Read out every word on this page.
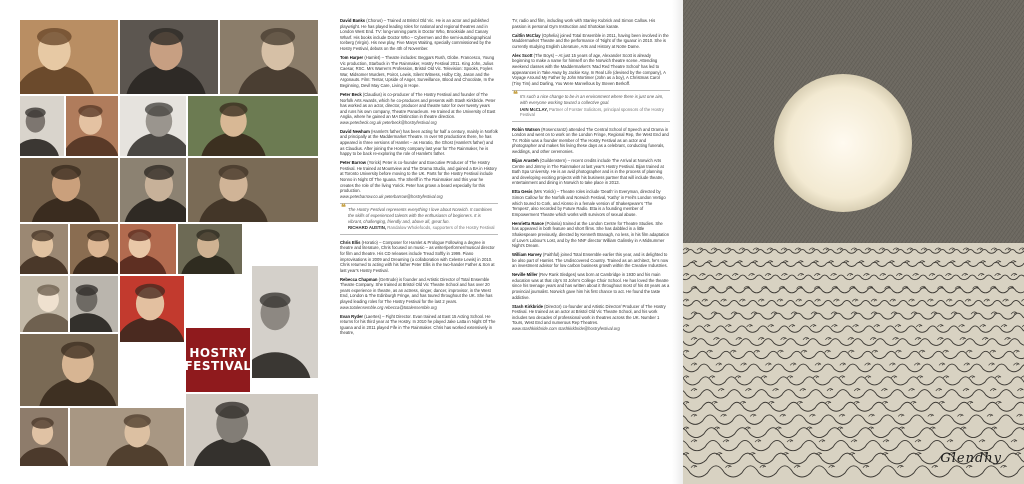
HOSTRY
FESTIVAL

David Banks (Chorus) – Trained at Bristol Old Vic. He is an actor and published playwright. He has played leading roles for national and regional theatres and in London West End. TV: long-running parts in Doctor Who, Brookside and Canary Wharf. His books include Doctor Who – Cybermen and the semi-autobiographical Iceberg (Virgin). His new play, Five Marys Waiting, specially commissioned by the Hostry Festival, debuts on the 4th of November.

Tom Harper (Hamlet) – Theatre includes: Beggars Rush, Globe. Francesco, Young Vic production, Starbuck in The Rainmaker, Hostry Festival 2011. King John, Julius Caesar, RSC. Mrs Warren's Profession, Bristol Old Vic. Television: Spooks, Foyles War, Midsomer Murders, Poirot, Lewis, Silent Witness, Holby City, Jason and the Argonauts. Film: Tentar, Upside of Anger, Surveillance, Blood and Chocolate, In the Beginning, Devil May Care, Living in Hope.

Peter Beck (Claudius) is co-producer of The Hostry Festival and founder of The Norfolk Arts Awards, which he co-produces and presents with Stash Kirkbride. Peter has worked as an actor, director, producer and theatre tutor for over twenty years and runs his own company, Theatre Panacleum. He trained at the University of East Anglia, where he gained an MA Distinction in theatre direction.
www.peterbeck.org.uk peterbeck@hostryfestival.org

David Newham (Hamlet's father) has been acting for half a century, mainly in Norfolk and principally at the Maddermarket Theatre. In over 90 productions there, he has appeared in three versions of Hamlet – as Horatio, the Ghost (Hamlet's father) and as Claudius. After joining the Hostry company last year for The Rainmaker, he is happy to be back re-exploring the role of Hamlet's father.

Peter Barrow (Yorick) Peter is co-founder and Executive Producer of The Hostry Festival. He trained at Mountview and The Drama Studio, and gained a BA in History at Toronto University before moving to the UK. Parts for the Hostry Festival include Nonno in Night Of The Iguana. The Sheriff in The Rainmaker and this year he creates the role of the living Yorick. Peter has grown a beard especially for this production.
www.peterbarrow.co.uk peterbarrow@hostryfestival.org

❝ The Hostry Festival represents everything I love about Norwich. It combines the skills of experienced talents with the enthusiasm of beginners. It is vibrant, challenging, friendly and, above all, great fun.
RICHARD AUSTIN, Randalow Wholefoods, supporters of the Hostry Festival

Chris Ellis (Horatio) – Composer for Hamlet & Prologue Following a degree in theatre and literature, Chris focused on music – as writer/performer/musical director for film and theatre. His CD releases include Tread Softly in 1999. Piano improvisations in 2009 and Dreaming (a collaboration with Celeste Lewis) in 2010. Chris returned to acting with his father Peter Ellis in the two-hander Father & Son at last year's Hostry Festival.

Rebecca Chapman (Gertrude) is founder and Artistic Director of Total Ensemble Theatre Company. She trained at Bristol Old Vic Theatre School and has over 20 years experience in theatre, as an actress, singer, dancer, improvisor, in the West End, London & The Edinburgh Fringe, and has toured throughout the UK. She has played leading roles for The Hostry Festival for the last 2 years.
www.totalensemble.org rebecca@totalensemble.org

Evan Ryder (Laertes) – Fight Director. Evan trained at East 15 Acting School. He returns for his third year at The Hostry. In 2010 he played Jake Latta in Night Of The Iguana and in 2011 played Fife in The Rainmaker. Chris has worked extensively in theatre,

TV, radio and film, including work with Stanley Kubrick and Simon Callow. His passion is personal Gym Instruction and Shotokan karate.

Caitlin McClay (Ophelia) joined Total Ensemble in 2011, having been involved in the Maddermarket Theatre and the performance of 'Night of the Iguana' in 2010. She is currently studying English Literature, Arts and History at Notre Dame.

Alex Scott (The Boys) – At just 15 years of age, Alexander Scott is already beginning to make a name for himself on the Norwich theatre scene. Attending weekend classes with the Maddermarket's 'Mad Red Theatre School' has led to appearances in Take Away by Jackie Kay, In Real Life (devised by the company), A Voyage Around My Father by John Mortimer (John as a boy), A Christmas Carol (Tiny Tim) and Darling, You Were Marvellous by Steven Berkoff.

❝ It's such a nice change to be in an environment where there is just one aim, with everyone working toward a collective goal.
IAIN McCLAY, Partner of Forster Solicitors, principal sponsors of the Hostry Festival

Robin Watson (Rosencrantz) attended The Central School of Speech and Drama in London and went on to work on the London Fringe, Regional Rep, the West End and TV. Robin was a founder member of The Hostry Festival as an actor and photographer and makes his living these days as a celebrant, conducting funerals, weddings, and other ceremonies.

Bijan Arasteh (Guildenstern) – recent credits include The Arrival at Norwich Arts Centre and Jimmy in The Rainmaker at last year's Hostry Festival. Bijan trained at Bath Spa University. He is an avid photographer and is in the process of planning and developing exciting projects with his business partner that will include theatre, entertainment and dining in Norwich to take place in 2013.

Etta Gesis (Mrs Yorick) – Theatre roles include 'Death' in Everyman, directed by Simon Callow for the Norfolk and Norwich Festival, 'Kathy' in Freil's London Vertigo which toured to Cork, and Alonso in a female version of Shakespeare's 'The Tempest', also recorded by Future Radio. Etta is a founding member of Empowerment Theatre which works with survivors of sexual abuse.

Henrietta Rance (Polania) trained at the London Centre for Theatre Studies. She has appeared in both feature and short films. She has dabbled in a little Shakespeare previously, directed by Kenneth Branagh, no less, in his film adaptation of Love's Labour's Lost, and by the NNF director William Galinsky in A Midsummer Night's Dream.

William Harvey (Faithful) joined Total Ensemble earlier this year, and is delighted to be also part of Hamlet. The Undiscovered Country. Trained as an architect, he's now an investment advisor for low carbon business growth within the Creative Industries.

Neville Miller (Rev Rank Sledges) was born at Cambridge in 1930 and his main education was at that city's St John's College Choir School. He has loved the theatre since his teenage years and has written about it throughout most of his 48 years as a provincial journalist. Norwich gave him his first chance to act. He found the taste addictive.

Stash Kirkbride (Director) co-founder and Artistic Director/ Producer of The Hostry Festival. He trained as an actor at Bristol Old Vic Theatre School, and his work includes two decades of professional work in theatres across the UK. Number 1 Tours, West End and numerous Rep Theatres.
www.stashkirkbride.com stashkirkbride@hostryfestival.org

Glendhy
